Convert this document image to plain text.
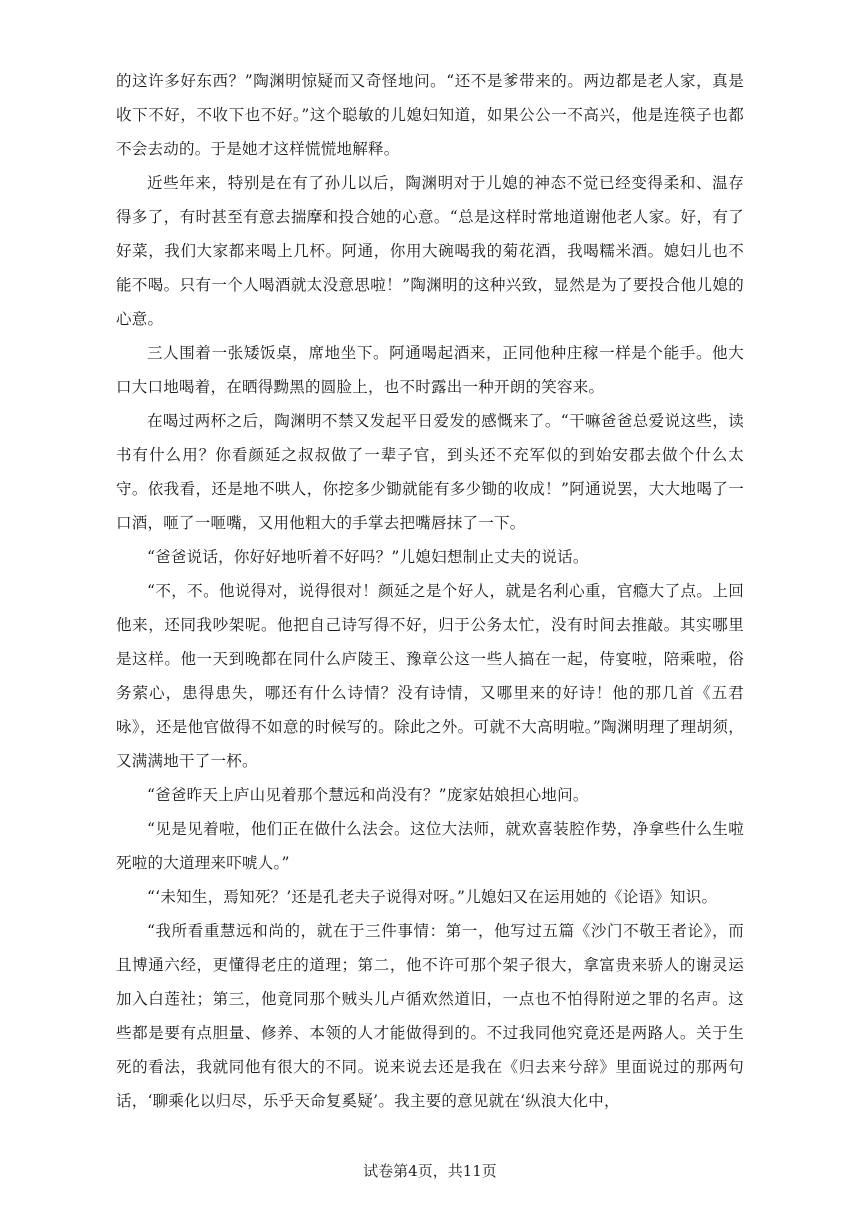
的这许多好东西？”陶渊明惊疑而又奇怪地问。“还不是爹带来的。两边都是老人家，真是收下不好，不收下也不好。”这个聪敏的儿媳妇知道，如果公公一不高兴，他是连筷子也都不会去动的。于是她才这样慌慌地解释。

近些年来，特别是在有了孙儿以后，陶渊明对于儿媳的神态不觉已经变得柔和、温存得多了，有时甚至有意去揣摩和投合她的心意。“总是这样时常地道谢他老人家。好，有了好菜，我们大家都来喝上几杯。阿通，你用大碗喝我的菊花酒，我喝糯米酒。媳妇儿也不能不喝。只有一个人喝酒就太没意思啦！”陶渊明的这种兴致，显然是为了要投合他儿媳的心意。

三人围着一张矮饭桌，席地坐下。阿通喝起酒来，正同他种庄稼一样是个能手。他大口大口地喝着，在晒得黝黑的圆脸上，也不时露出一种开朗的笑容来。

在喝过两杯之后，陶渊明不禁又发起平日爱发的感慨来了。“干嘛爸爸总爱说这些，读书有什么用？你看颜延之叔叔做了一辈子官，到头还不充军似的到始安郡去做个什么太守。依我看，还是地不哄人，你挖多少锄就能有多少锄的收成！”阿通说罢，大大地喝了一口酒，咂了一咂嘴，又用他粗大的手掌去把嘴唇抹了一下。

“爸爸说话，你好好地听着不好吗？”儿媳妇想制止丈夫的说话。

“不，不。他说得对，说得很对！颜延之是个好人，就是名利心重，官瘾大了点。上回他来，还同我吵架呢。他把自己诗写得不好，归于公务太忙，没有时间去推敲。其实哪里是这样。他一天到晚都在同什么庐陵王、豫章公这一些人搞在一起，侍宴啦，陪乘啦，俗务萦心，患得患失，哪还有什么诗情？没有诗情，又哪里来的好诗！他的那几首《五君咏》，还是他官做得不如意的时候写的。除此之外。可就不大高明啦。”陶渊明理了理胡须，又满满地干了一杯。

“爸爸昨天上庐山见着那个慧远和尚没有？”庞家姑娘担心地问。

“见是见着啦，他们正在做什么法会。这位大法师，就欢喜装腔作势，净拿些什么生啦死啦的大道理来吓唬人。”

“‘未知生，焉知死？’还是孔老夫子说得对呀。”儿媳妇又在运用她的《论语》知识。

“我所看重慧远和尚的，就在于三件事情：第一，他写过五篇《沙门不敬王者论》，而且博通六经，更懂得老庄的道理；第二，他不许可那个架子很大，拿富贵来骄人的谢灵运加入白莲社；第三，他竟同那个贼头儿卢循欢然道旧，一点也不怕得附逆之罪的名声。这些都是要有点胆量、修养、本领的人才能做得到的。不过我同他究竟还是两路人。关于生死的看法，我就同他有很大的不同。说来说去还是我在《归去来兮辞》里面说过的那两句话，‘聊乘化以归尽，乐乎天命复奚疑’。我主要的意见就在‘纵浪大化中，

试卷第4页，共11页
